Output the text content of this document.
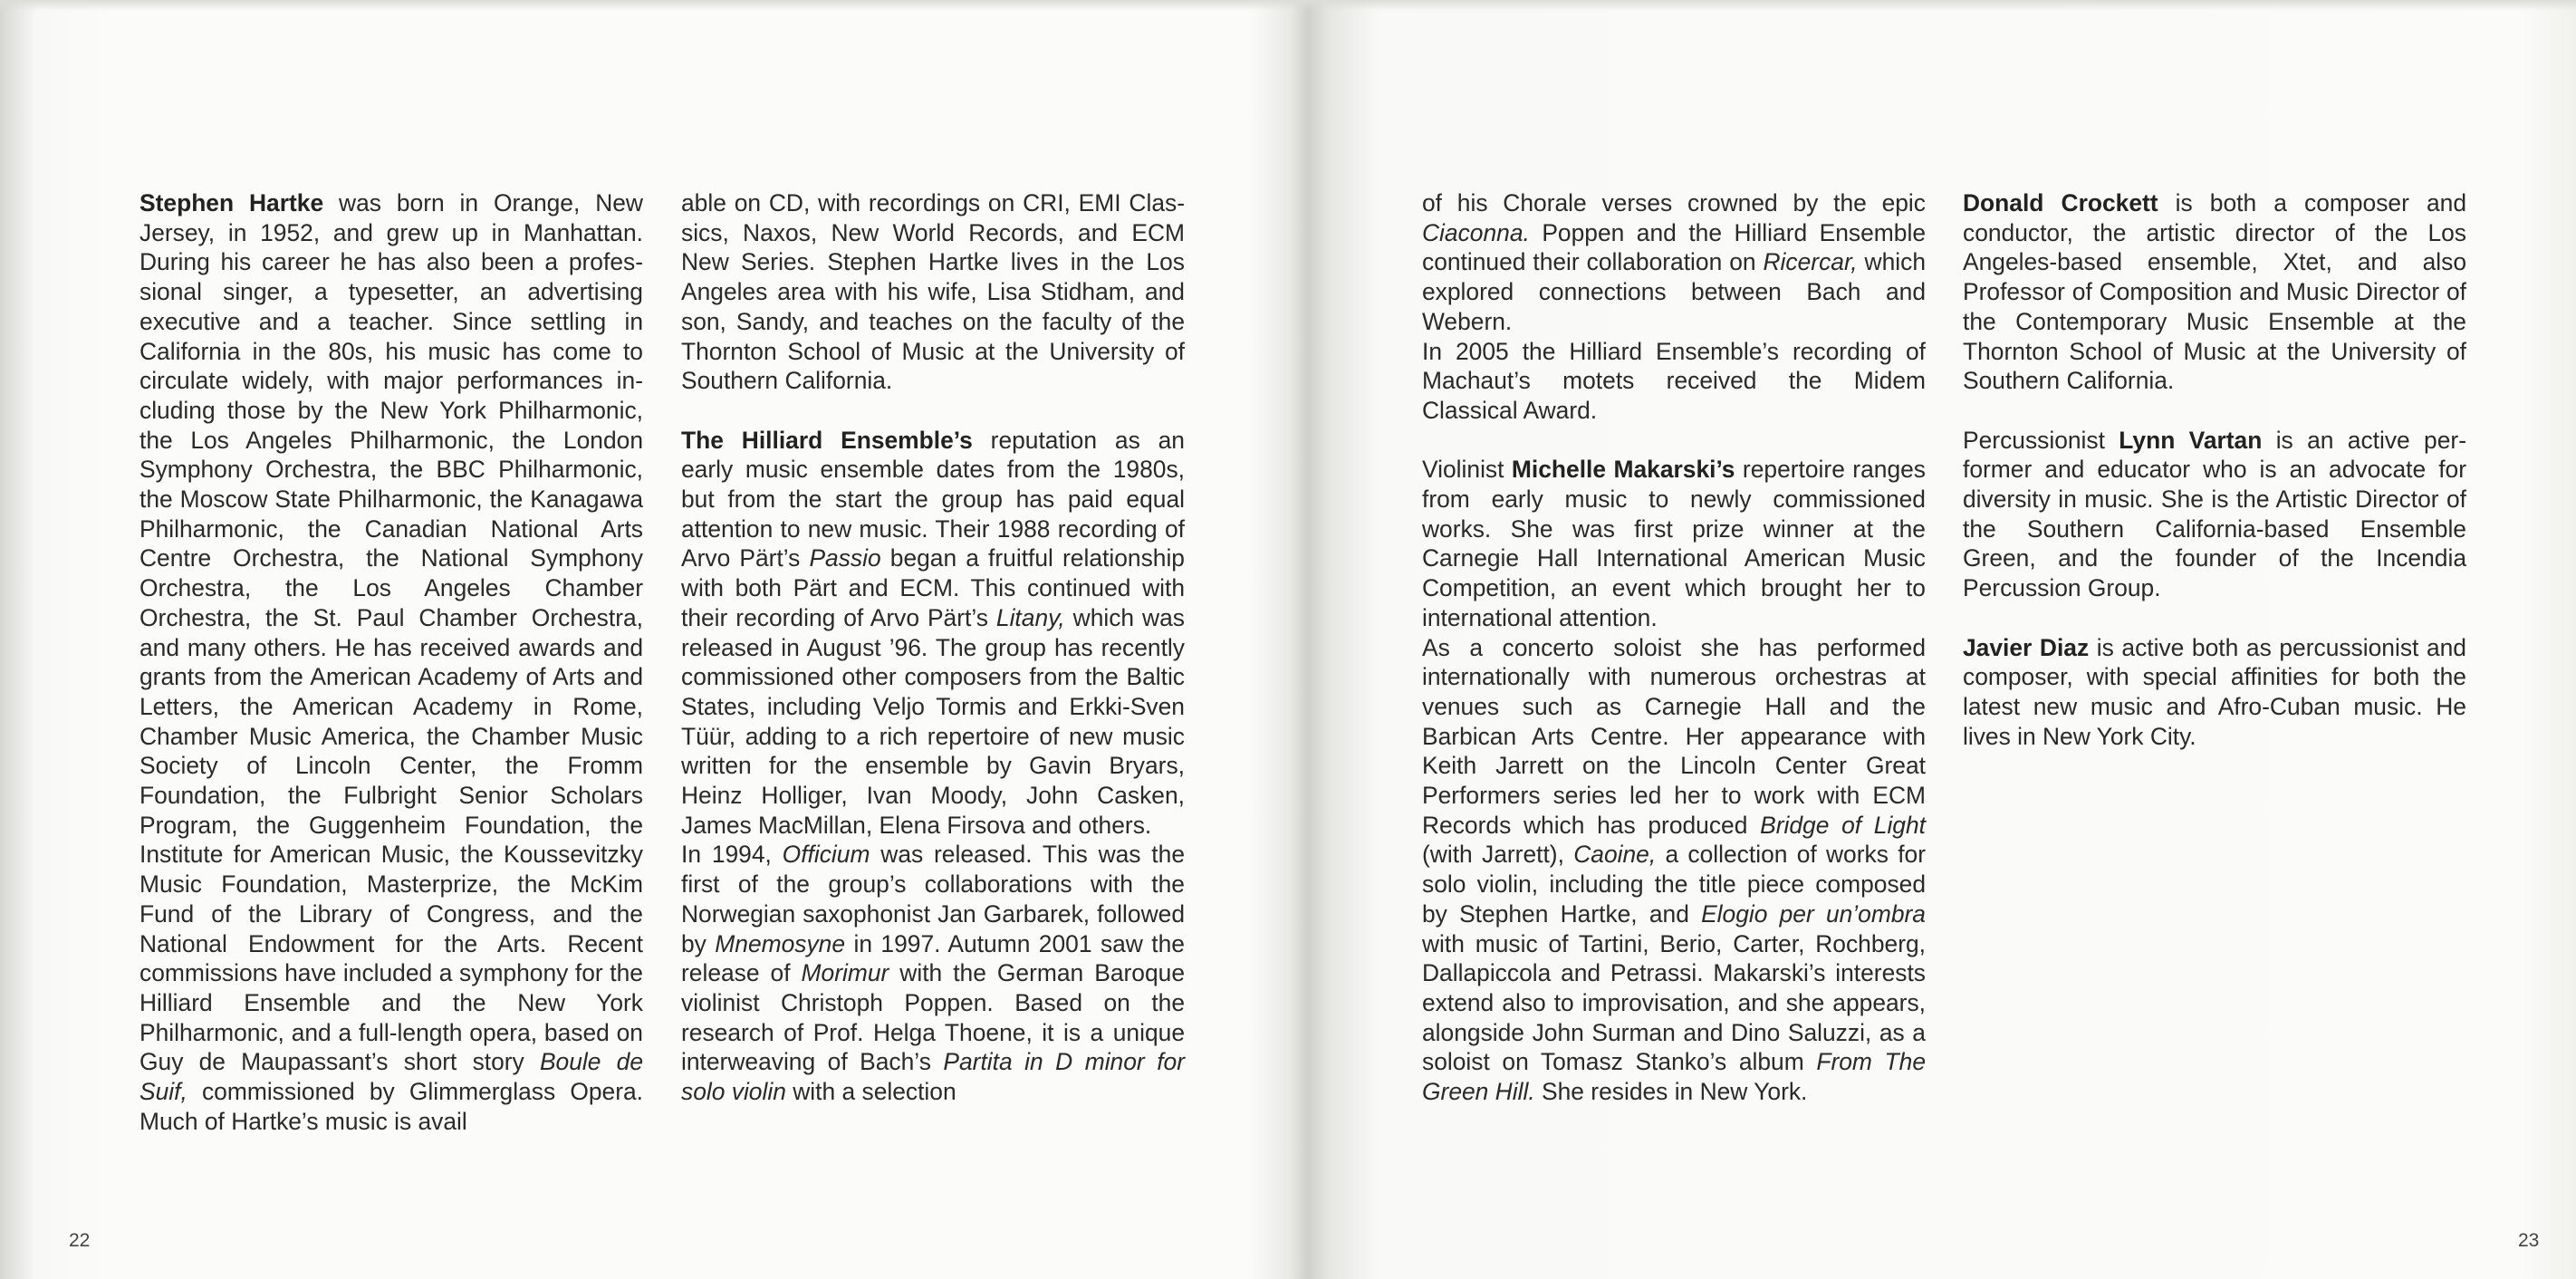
Stephen Hartke was born in Orange, New Jersey, in 1952, and grew up in Manhattan. During his career he has also been a professional singer, a typesetter, an advertising executive and a teacher. Since settling in California in the 80s, his music has come to circulate widely, with major performances including those by the New York Philharmonic, the Los Angeles Philharmonic, the London Symphony Orchestra, the BBC Philharmonic, the Moscow State Philharmonic, the Kanagawa Philharmonic, the Canadian National Arts Centre Orchestra, the National Symphony Orchestra, the Los Angeles Chamber Orchestra, the St. Paul Chamber Orchestra, and many others. He has received awards and grants from the American Academy of Arts and Letters, the American Academy in Rome, Chamber Music America, the Chamber Music Society of Lincoln Center, the Fromm Foundation, the Fulbright Senior Scholars Program, the Guggenheim Foundation, the Institute for American Music, the Koussevitzky Music Foundation, Masterprize, the McKim Fund of the Library of Congress, and the National Endowment for the Arts. Recent commissions have included a symphony for the Hilliard Ensemble and the New York Philharmonic, and a full-length opera, based on Guy de Maupassant’s short story Boule de Suif, commissioned by Glimmerglass Opera. Much of Hartke’s music is avail

able on CD, with recordings on CRI, EMI Classics, Naxos, New World Records, and ECM New Series. Stephen Hartke lives in the Los Angeles area with his wife, Lisa Stidham, and son, Sandy, and teaches on the faculty of the Thornton School of Music at the University of Southern California.

The Hilliard Ensemble’s reputation as an early music ensemble dates from the 1980s, but from the start the group has paid equal attention to new music. Their 1988 recording of Arvo Pärt’s Passio began a fruitful relationship with both Pärt and ECM. This continued with their recording of Arvo Pärt’s Litany, which was released in August ’96. The group has recently commissioned other composers from the Baltic States, including Veljo Tormis and Erkki-Sven Tüür, adding to a rich repertoire of new music written for the ensemble by Gavin Bryars, Heinz Holliger, Ivan Moody, John Casken, James MacMillan, Elena Firsova and others.

In 1994, Officium was released. This was the first of the group’s collaborations with the Norwegian saxophonist Jan Garbarek, followed by Mnemosyne in 1997. Autumn 2001 saw the release of Morimur with the German Baroque violinist Christoph Poppen. Based on the research of Prof. Helga Thoene, it is a unique interweaving of Bach’s Partita in D minor for solo violin with a selection

of his Chorale verses crowned by the epic Ciaconna. Poppen and the Hilliard Ensemble continued their collaboration on Ricercar, which explored connections between Bach and Webern.

In 2005 the Hilliard Ensemble’s recording of Machaut’s motets received the Midem Classical Award.

Violinist Michelle Makarski’s repertoire ranges from early music to newly commissioned works. She was first prize winner at the Carnegie Hall International American Music Competition, an event which brought her to international attention.

As a concerto soloist she has performed internationally with numerous orchestras at venues such as Carnegie Hall and the Barbican Arts Centre. Her appearance with Keith Jarrett on the Lincoln Center Great Performers series led her to work with ECM Records which has produced Bridge of Light (with Jarrett), Caoine, a collection of works for solo violin, including the title piece composed by Stephen Hartke, and Elogio per un’ombra with music of Tartini, Berio, Carter, Rochberg, Dallapiccola and Petrassi. Makarski’s interests extend also to improvisation, and she appears, alongside John Surman and Dino Saluzzi, as a soloist on Tomasz Stanko’s album From The Green Hill. She resides in New York.

Donald Crockett is both a composer and conductor, the artistic director of the Los Angeles-based ensemble, Xtet, and also Professor of Composition and Music Director of the Contemporary Music Ensemble at the Thornton School of Music at the University of Southern California.

Percussionist Lynn Vartan is an active performer and educator who is an advocate for diversity in music. She is the Artistic Director of the Southern California-based Ensemble Green, and the founder of the Incendia Percussion Group.

Javier Diaz is active both as percussionist and composer, with special affinities for both the latest new music and Afro-Cuban music. He lives in New York City.

22	23
